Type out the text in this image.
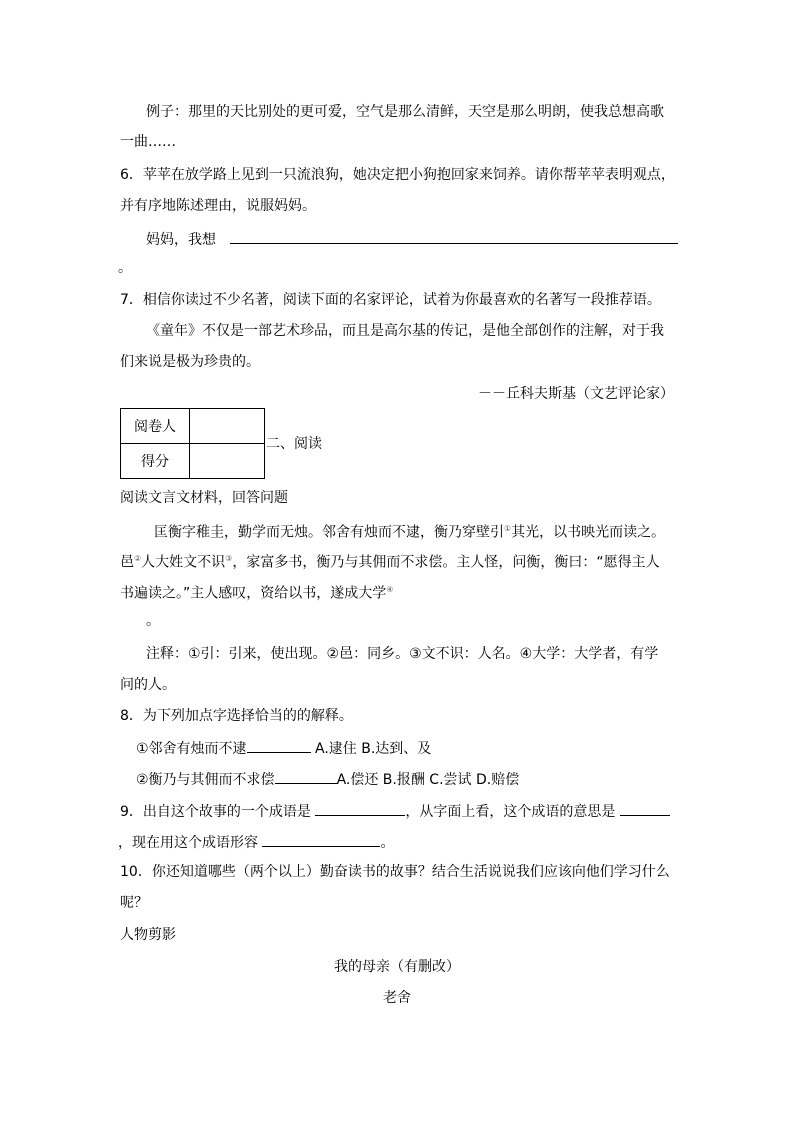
例子：那里的天比别处的更可爱，空气是那么清鲜，天空是那么明朗，使我总想高歌
一曲……
6．苹苹在放学路上见到一只流浪狗，她决定把小狗抱回家来饲养。请你帮苹苹表明观点，
并有序地陈述理由，说服妈妈。
妈妈，我想
。
7．相信你读过不少名著，阅读下面的名家评论，试着为你最喜欢的名著写一段推荐语。
《童年》不仅是一部艺术珍品，而且是高尔基的传记，是他全部创作的注解，对于我
们来说是极为珍贵的。
－－丘科夫斯基（文艺评论家）
阅卷人	
得分	
二、阅读
阅读文言文材料，回答问题
匡衡字稚圭，勤学而无烛。邻舍有烛而不逮，衡乃穿壁引①其光，以书映光而读之。
邑②人大姓文不识③，家富多书，衡乃与其佣而不求偿。主人怪，问衡，衡曰：“愿得主人
书遍读之。”主人感叹，资给以书，遂成大学④
。
注释：①引：引来，使出现。②邑：同乡。③文不识：人名。④大学：大学者，有学
问的人。
8．为下列加点字选择恰当的的解释。
①邻舍有烛而不逮	A.逮住 B.达到、及
②衡乃与其佣而不求偿	A.偿还 B.报酬 C.尝试 D.赔偿
9．出自这个故事的一个成语是	，从字面上看，这个成语的意思是
，现在用这个成语形容	。
10．你还知道哪些（两个以上）勤奋读书的故事？结合生活说说我们应该向他们学习什么
呢？
人物剪影
我的母亲（有删改）
老舍
